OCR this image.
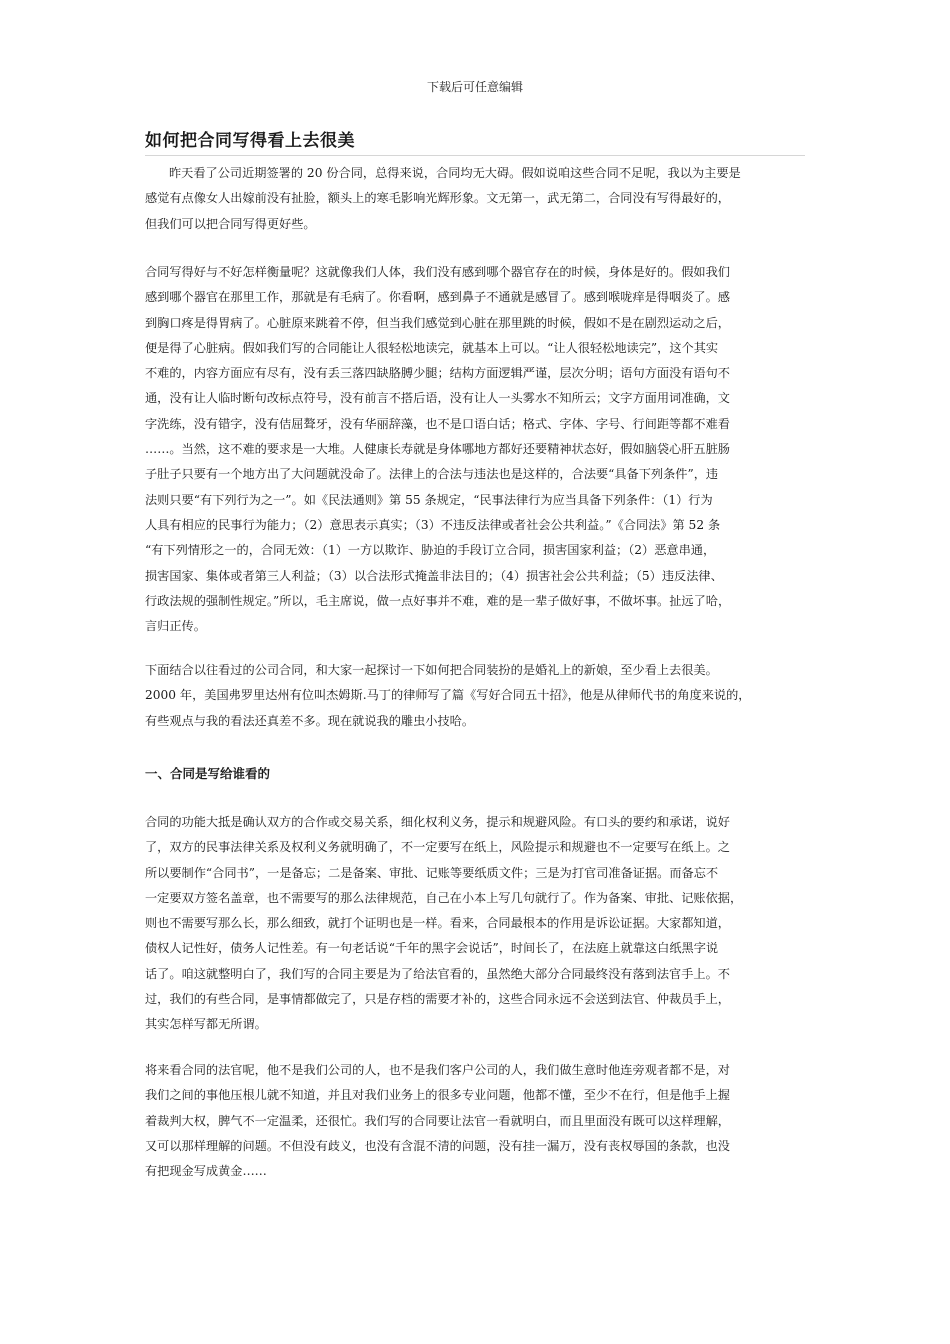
下载后可任意编辑
如何把合同写得看上去很美

昨天看了公司近期签署的 20 份合同，总得来说，合同均无大碍。假如说咱这些合同不足呢，我以为主要是
感觉有点像女人出嫁前没有扯脸，额头上的寒毛影响光辉形象。文无第一，武无第二，合同没有写得最好的，
但我们可以把合同写得更好些。

合同写得好与不好怎样衡量呢？这就像我们人体，我们没有感到哪个器官存在的时候，身体是好的。假如我们
感到哪个器官在那里工作，那就是有毛病了。你看啊，感到鼻子不通就是感冒了。感到喉咙痒是得咽炎了。感
到胸口疼是得胃病了。心脏原来跳着不停，但当我们感觉到心脏在那里跳的时候，假如不是在剧烈运动之后，
便是得了心脏病。假如我们写的合同能让人很轻松地读完，就基本上可以。“让人很轻松地读完”，这个其实
不难的，内容方面应有尽有，没有丢三落四缺胳膊少腿；结构方面逻辑严谨，层次分明；语句方面没有语句不
通，没有让人临时断句改标点符号，没有前言不搭后语，没有让人一头雾水不知所云；文字方面用词准确，文
字洗练，没有错字，没有佶屈聱牙，没有华丽辞藻，也不是口语白话；格式、字体、字号、行间距等都不难看
……。当然，这不难的要求是一大堆。人健康长寿就是身体哪地方都好还要精神状态好，假如脑袋心肝五脏肠
子肚子只要有一个地方出了大问题就没命了。法律上的合法与违法也是这样的，合法要“具备下列条件”，违
法则只要“有下列行为之一”。如《民法通则》第 55 条规定，“民事法律行为应当具备下列条件：（1）行为
人具有相应的民事行为能力；（2）意思表示真实；（3）不违反法律或者社会公共利益。”《合同法》第 52 条
“有下列情形之一的，合同无效：（1）一方以欺诈、胁迫的手段订立合同，损害国家利益；（2）恶意串通，
损害国家、集体或者第三人利益；（3）以合法形式掩盖非法目的；（4）损害社会公共利益；（5）违反法律、
行政法规的强制性规定。”所以，毛主席说，做一点好事并不难，难的是一辈子做好事，不做坏事。扯远了哈，
言归正传。

下面结合以往看过的公司合同，和大家一起探讨一下如何把合同装扮的是婚礼上的新娘，至少看上去很美。
2000 年，美国弗罗里达州有位叫杰姆斯.马丁的律师写了篇《写好合同五十招》，他是从律师代书的角度来说的，
有些观点与我的看法还真差不多。现在就说我的雕虫小技哈。

一、合同是写给谁看的

合同的功能大抵是确认双方的合作或交易关系，细化权利义务，提示和规避风险。有口头的要约和承诺，说好
了，双方的民事法律关系及权利义务就明确了，不一定要写在纸上，风险提示和规避也不一定要写在纸上。之
所以要制作“合同书”，一是备忘；二是备案、审批、记账等要纸质文件；三是为打官司准备证据。而备忘不
一定要双方签名盖章，也不需要写的那么法律规范，自己在小本上写几句就行了。作为备案、审批、记账依据，
则也不需要写那么长，那么细致，就打个证明也是一样。看来，合同最根本的作用是诉讼证据。大家都知道，
债权人记性好，债务人记性差。有一句老话说“千年的黑字会说话”，时间长了，在法庭上就靠这白纸黑字说
话了。咱这就整明白了，我们写的合同主要是为了给法官看的，虽然绝大部分合同最终没有落到法官手上。不
过，我们的有些合同，是事情都做完了，只是存档的需要才补的，这些合同永远不会送到法官、仲裁员手上，
其实怎样写都无所谓。

将来看合同的法官呢，他不是我们公司的人，也不是我们客户公司的人，我们做生意时他连旁观者都不是，对
我们之间的事他压根儿就不知道，并且对我们业务上的很多专业问题，他都不懂，至少不在行，但是他手上握
着裁判大权，脾气不一定温柔，还很忙。我们写的合同要让法官一看就明白，而且里面没有既可以这样理解，
又可以那样理解的问题。不但没有歧义，也没有含混不清的问题，没有挂一漏万，没有丧权辱国的条款，也没
有把现金写成黄金……
